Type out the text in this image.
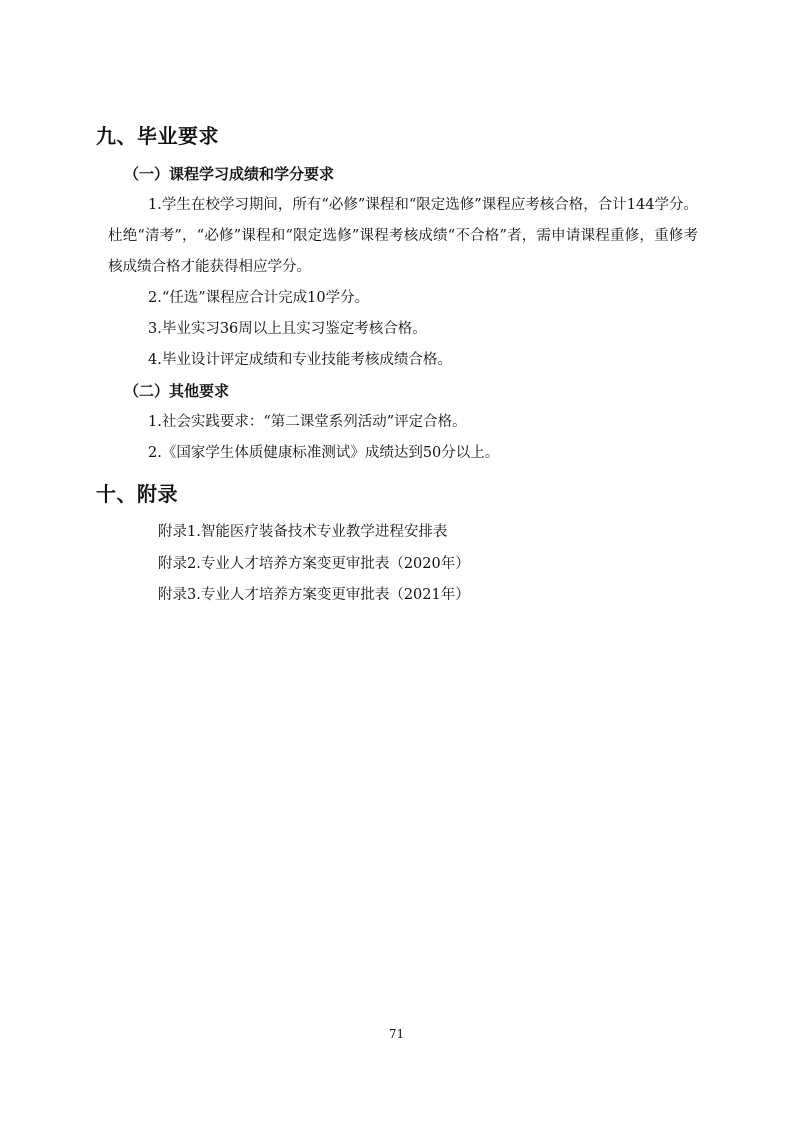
九、毕业要求
（一）课程学习成绩和学分要求
1.学生在校学习期间，所有“必修”课程和“限定选修”课程应考核合格，合计144学分。杜绝“清考”，“必修”课程和“限定选修”课程考核成绩“不合格”者，需申请课程重修，重修考核成绩合格才能获得相应学分。
2.“任选”课程应合计完成10学分。
3.毕业实习36周以上且实习鉴定考核合格。
4.毕业设计评定成绩和专业技能考核成绩合格。
（二）其他要求
1.社会实践要求：“第二课堂系列活动”评定合格。
2.《国家学生体质健康标准测试》成绩达到50分以上。
十、附录
附录1.智能医疗装备技术专业教学进程安排表
附录2.专业人才培养方案变更审批表（2020年）
附录3.专业人才培养方案变更审批表（2021年）
71
